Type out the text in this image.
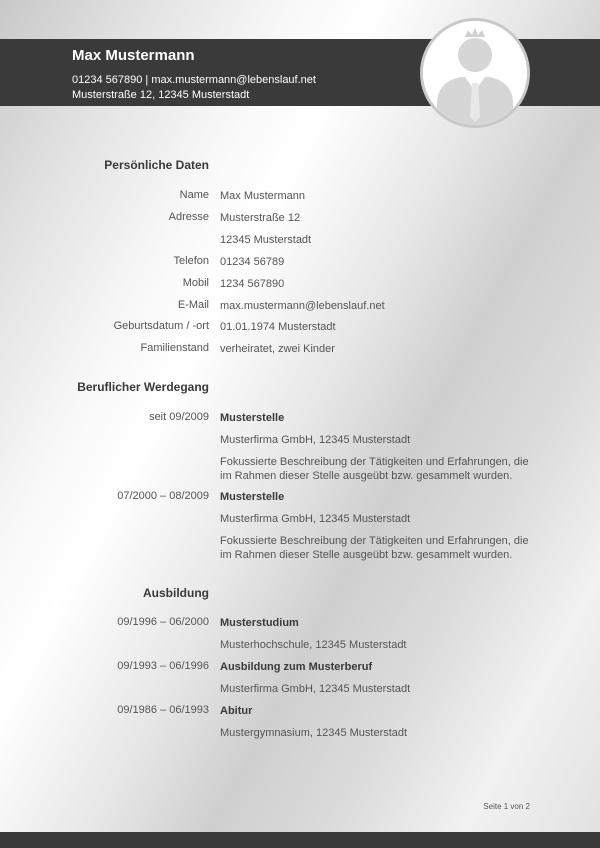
Max Mustermann
01234 567890 | max.mustermann@lebenslauf.net
Musterstraße 12, 12345 Musterstadt
Persönliche Daten
Name Max Mustermann
Adresse Musterstraße 12
12345 Musterstadt
Telefon 01234 56789
Mobil 1234 567890
E-Mail max.mustermann@lebenslauf.net
Geburtsdatum / -ort 01.01.1974 Musterstadt
Familienstand verheiratet, zwei Kinder
Beruflicher Werdegang
seit 09/2009 Musterstelle
Musterfirma GmbH, 12345 Musterstadt
Fokussierte Beschreibung der Tätigkeiten und Erfahrungen, die
im Rahmen dieser Stelle ausgeübt bzw. gesammelt wurden.
07/2000 – 08/2009 Musterstelle
Musterfirma GmbH, 12345 Musterstadt
Fokussierte Beschreibung der Tätigkeiten und Erfahrungen, die
im Rahmen dieser Stelle ausgeübt bzw. gesammelt wurden.
Ausbildung
09/1996 – 06/2000 Musterstudium
Musterhochschule, 12345 Musterstadt
09/1993 – 06/1996 Ausbildung zum Musterberuf
Musterfirma GmbH, 12345 Musterstadt
09/1986 – 06/1993 Abitur
Mustergymnasium, 12345 Musterstadt
Seite 1 von 2
